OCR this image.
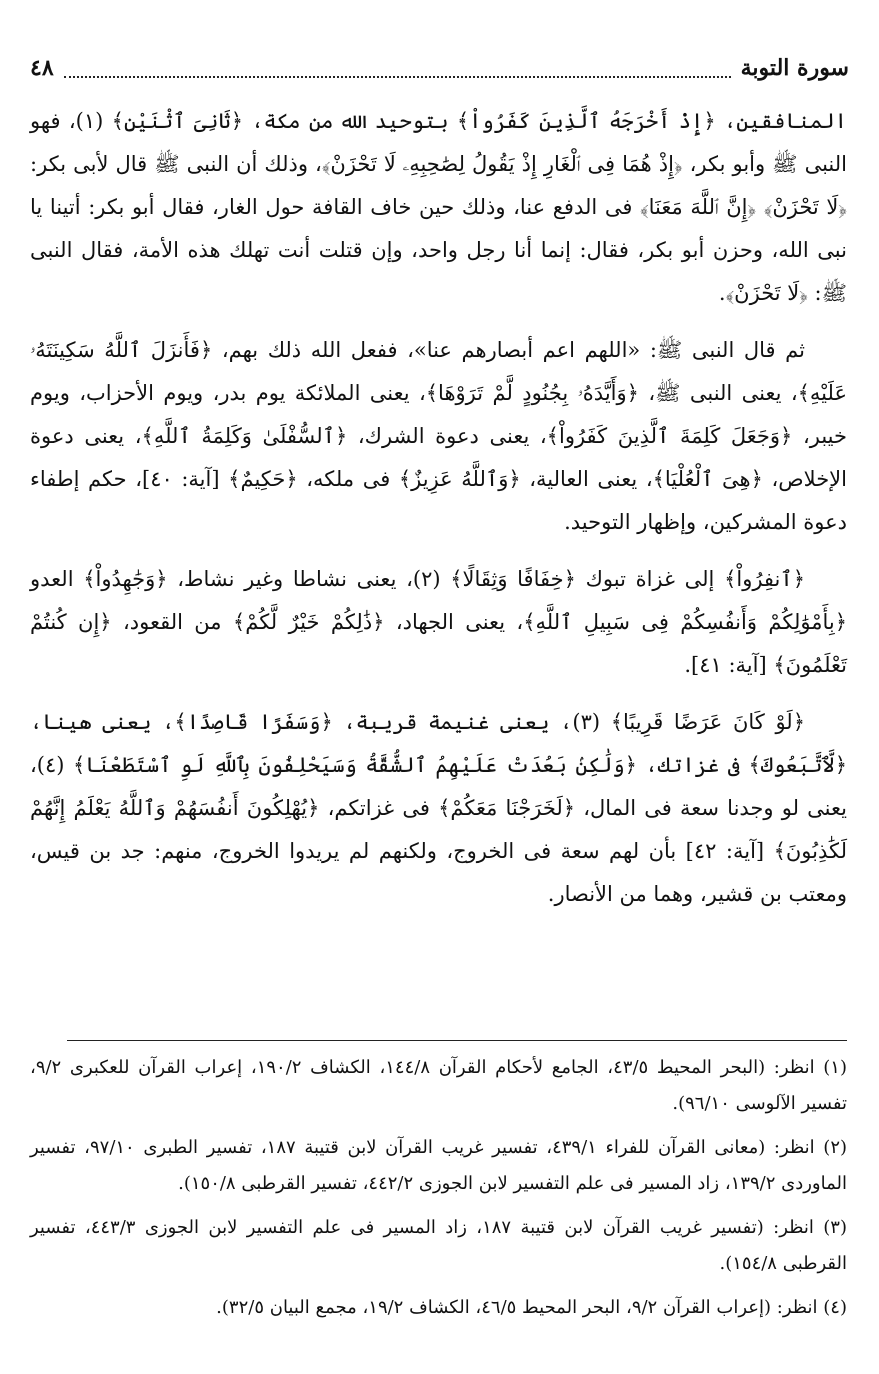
سورة التوبة
٤٨

المنافقين، ﴿إِذْ أَخْرَجَهُ ٱلَّذِينَ كَفَرُواْ﴾ بتوحيد الله من مكة، ﴿ثَانِىَ ٱثْنَيْنِ﴾ (١)، فهو النبى ﷺ وأبو بكر، ﴿إِذْ هُمَا فِى ٱلْغَارِ إِذْ يَقُولُ لِصَٰحِبِهِۦ لَا تَحْزَنْ﴾، وذلك أن النبى ﷺ قال لأبى بكر: ﴿لَا تَحْزَنْ﴾ ﴿إِنَّ ٱللَّهَ مَعَنَا﴾ فى الدفع عنا، وذلك حين خاف القافة حول الغار، فقال أبو بكر: أتينا يا نبى الله، وحزن أبو بكر، فقال: إنما أنا رجل واحد، وإن قتلت أنت تهلك هذه الأمة، فقال النبى ﷺ: ﴿لَا تَحْزَنْ﴾.

ثم قال النبى ﷺ: «اللهم اعم أبصارهم عنا»، ففعل الله ذلك بهم، ﴿فَأَنزَلَ ٱللَّهُ سَكِينَتَهُۥ عَلَيْهِ﴾، يعنى النبى ﷺ، ﴿وَأَيَّدَهُۥ بِجُنُودٍ لَّمْ تَرَوْهَا﴾، يعنى الملائكة يوم بدر، ويوم الأحزاب، ويوم خيبر، ﴿وَجَعَلَ كَلِمَةَ ٱلَّذِينَ كَفَرُواْ﴾، يعنى دعوة الشرك، ﴿ٱلسُّفْلَىٰ وَكَلِمَةُ ٱللَّهِ﴾، يعنى دعوة الإخلاص، ﴿هِىَ ٱلْعُلْيَا﴾، يعنى العالية، ﴿وَٱللَّهُ عَزِيزٌ﴾ فى ملكه، ﴿حَكِيمٌ﴾ [آية: ٤٠]، حكم إطفاء دعوة المشركين، وإظهار التوحيد.

﴿ٱنفِرُواْ﴾ إلى غزاة تبوك ﴿خِفَافًا وَثِقَالًا﴾ (٢)، يعنى نشاطا وغير نشاط، ﴿وَجَٰهِدُواْ﴾ العدو ﴿بِأَمْوَٰلِكُمْ وَأَنفُسِكُمْ فِى سَبِيلِ ٱللَّهِ﴾، يعنى الجهاد، ﴿ذَٰلِكُمْ خَيْرٌ لَّكُمْ﴾ من القعود، ﴿إِن كُنتُمْ تَعْلَمُونَ﴾ [آية: ٤١].

﴿لَوْ كَانَ عَرَضًا قَرِيبًا﴾ (٣)، يعنى غنيمة قريبة، ﴿وَسَفَرًا قَاصِدًا﴾، يعنى هينا، ﴿لَّٱتَّبَعُوكَ﴾ فى غزاتك، ﴿وَلَٰكِنۢ بَعُدَتْ عَلَيْهِمُ ٱلشُّقَّةُ وَسَيَحْلِفُونَ بِٱللَّهِ لَوِ ٱسْتَطَعْنَا﴾ (٤)، يعنى لو وجدنا سعة فى المال، ﴿لَخَرَجْنَا مَعَكُمْ﴾ فى غزاتكم، ﴿يُهْلِكُونَ أَنفُسَهُمْ وَٱللَّهُ يَعْلَمُ إِنَّهُمْ لَكَٰذِبُونَ﴾ [آية: ٤٢] بأن لهم سعة فى الخروج، ولكنهم لم يريدوا الخروج، منهم: جد بن قيس، ومعتب بن قشير، وهما من الأنصار.

(١) انظر: (البحر المحيط ٤٣/٥، الجامع لأحكام القرآن ١٤٤/٨، الكشاف ١٩٠/٢، إعراب القرآن للعكبرى ٩/٢، تفسير الآلوسى ٩٦/١٠).

(٢) انظر: (معانى القرآن للفراء ٤٣٩/١، تفسير غريب القرآن لابن قتيبة ١٨٧، تفسير الطبرى ٩٧/١٠، تفسير الماوردى ١٣٩/٢، زاد المسير فى علم التفسير لابن الجوزى ٤٤٢/٢، تفسير القرطبى ١٥٠/٨).

(٣) انظر: (تفسير غريب القرآن لابن قتيبة ١٨٧، زاد المسير فى علم التفسير لابن الجوزى ٤٤٣/٣، تفسير القرطبى ١٥٤/٨).

(٤) انظر: (إعراب القرآن ٩/٢، البحر المحيط ٤٦/٥، الكشاف ١٩/٢، مجمع البيان ٣٢/٥).
